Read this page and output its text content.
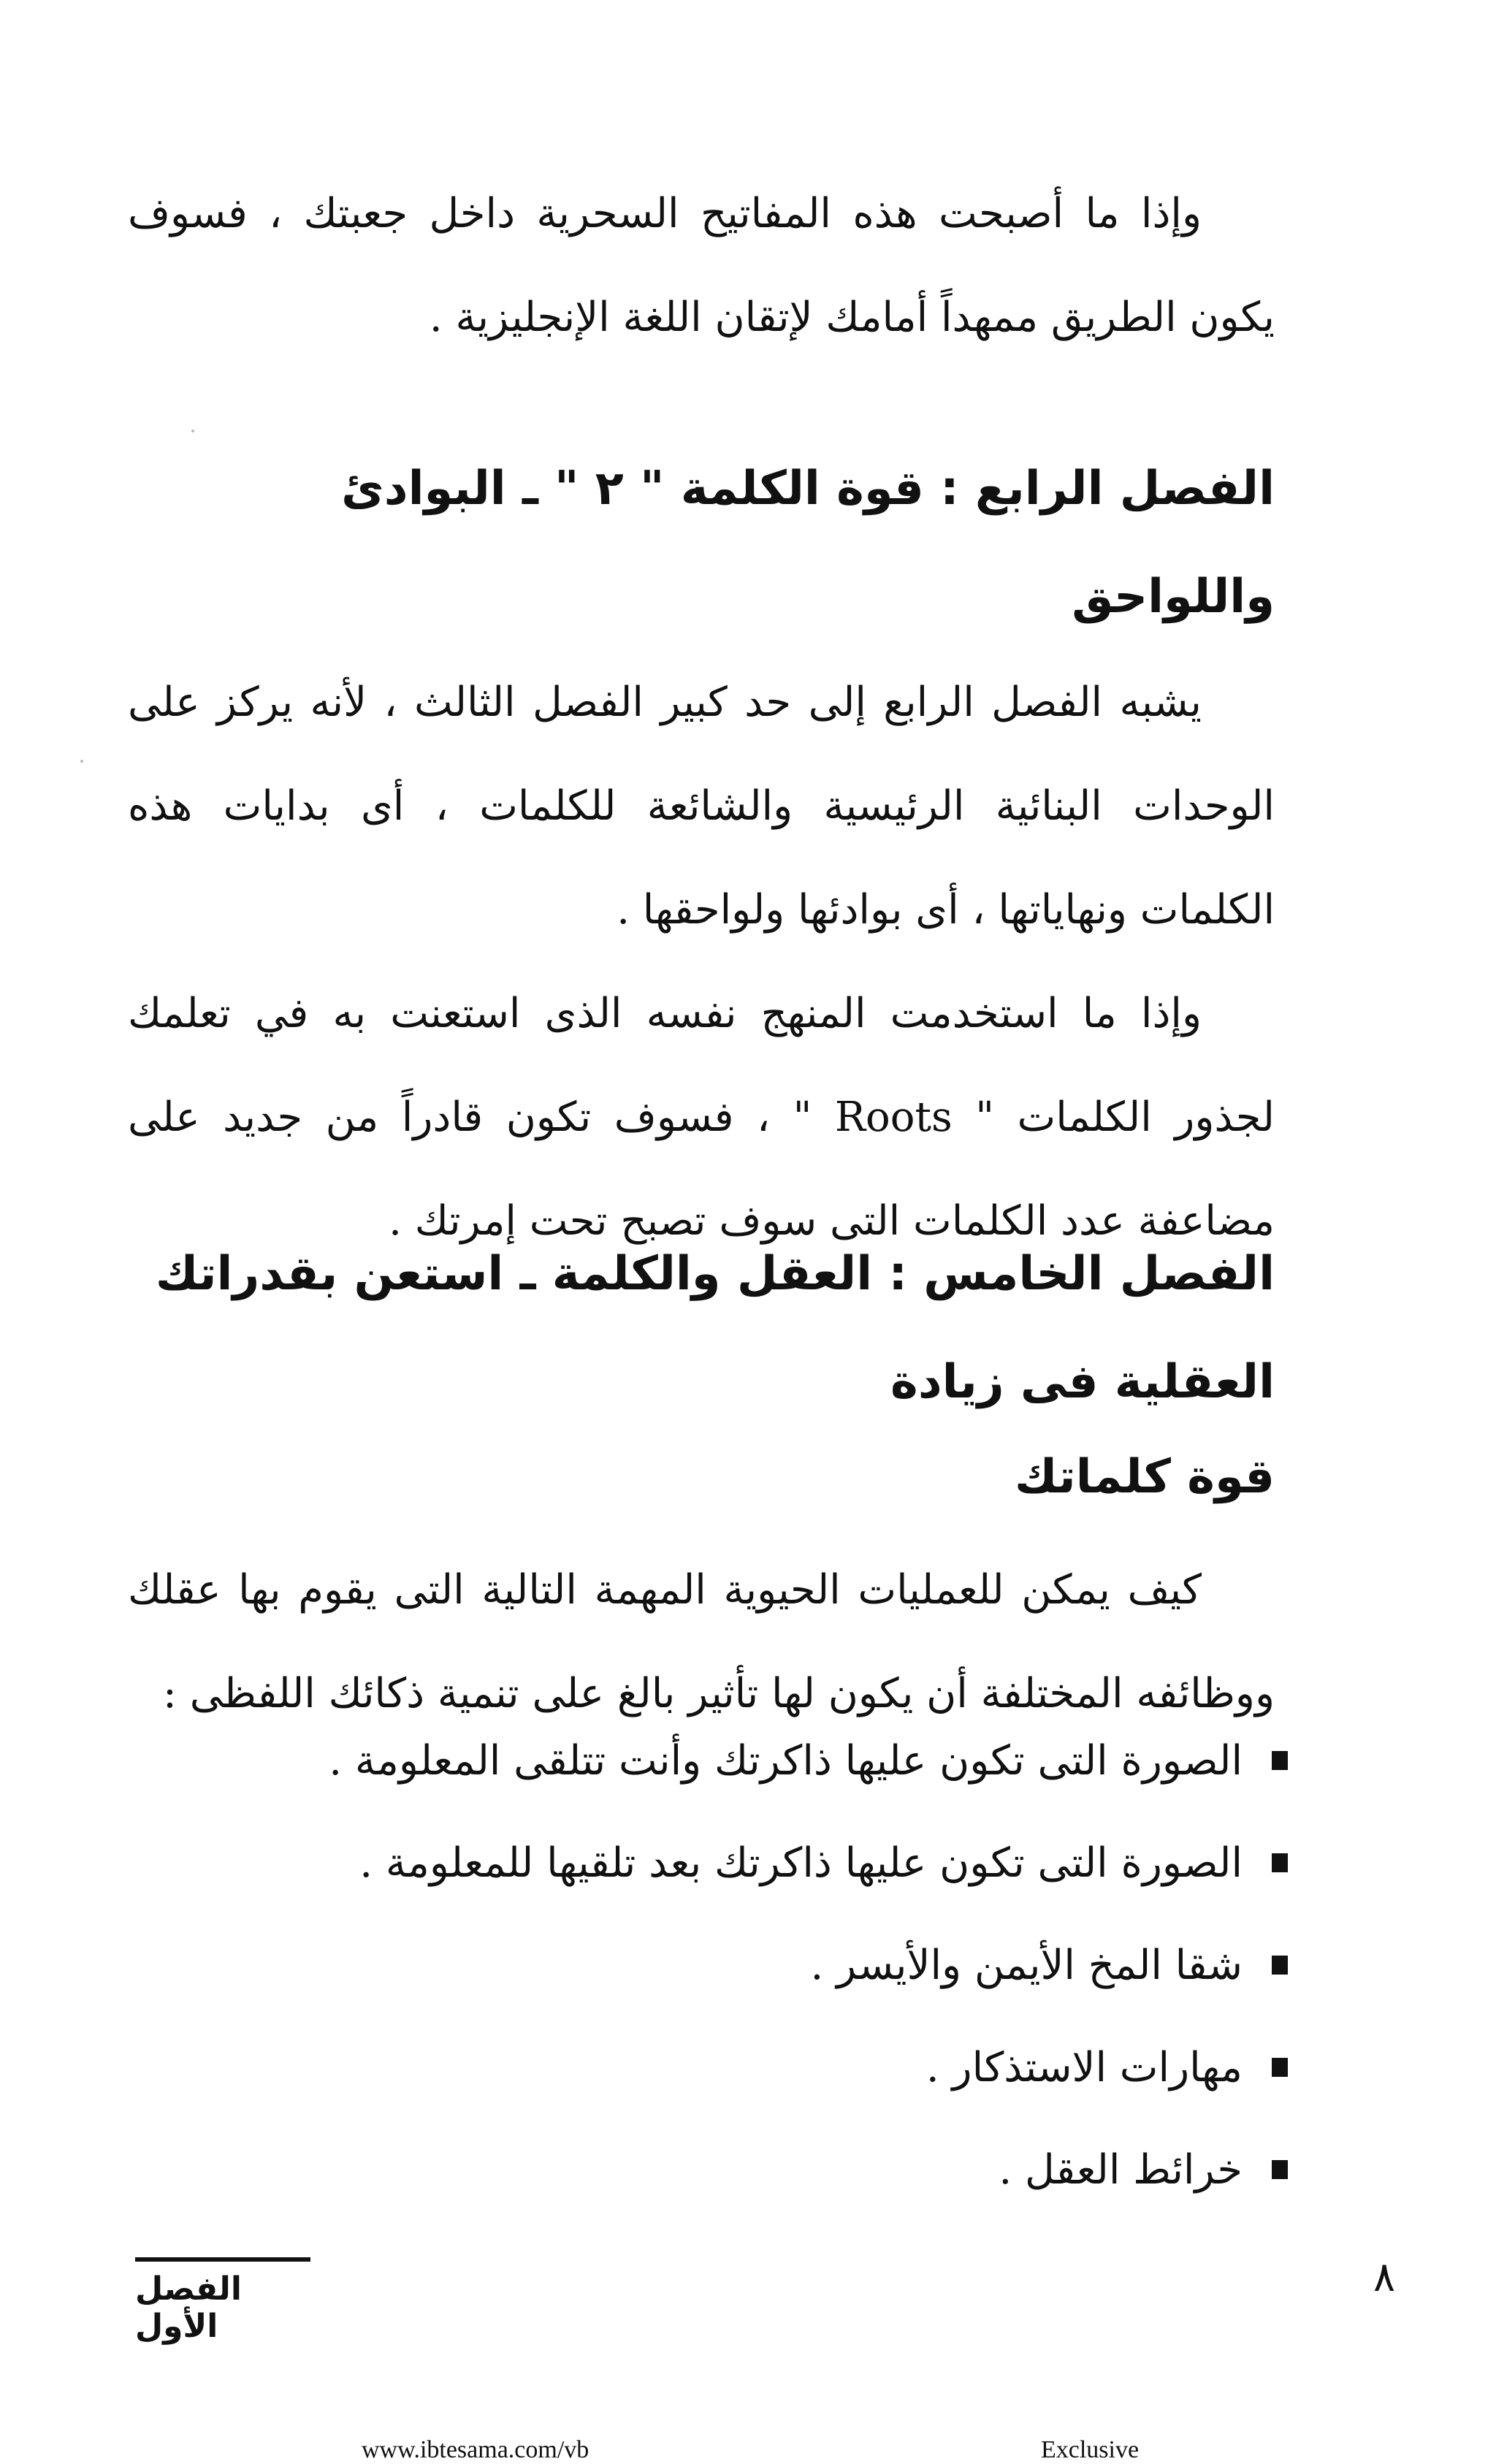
وإذا ما أصبحت هذه المفاتيح السحرية داخل جعبتك ، فسوف يكون الطريق ممهداً أمامك لإتقان اللغة الإنجليزية .

الفصل الرابع : قوة الكلمة " ٢ " ـ البوادئ واللواحق

يشبه الفصل الرابع إلى حد كبير الفصل الثالث ، لأنه يركز على الوحدات البنائية الرئيسية والشائعة للكلمات ، أى بدايات هذه الكلمات ونهاياتها ، أى بوادئها ولواحقها .

وإذا ما استخدمت المنهج نفسه الذى استعنت به في تعلمك لجذور الكلمات " Roots " ، فسوف تكون قادراً من جديد على مضاعفة عدد الكلمات التى سوف تصبح تحت إمرتك .

الفصل الخامس : العقل والكلمة ـ استعن بقدراتك العقلية فى زيادة
قوة كلماتك

كيف يمكن للعمليات الحيوية المهمة التالية التى يقوم بها عقلك ووظائفه المختلفة أن يكون لها تأثير بالغ على تنمية ذكائك اللفظى :

الصورة التى تكون عليها ذاكرتك وأنت تتلقى المعلومة .
الصورة التى تكون عليها ذاكرتك بعد تلقيها للمعلومة .
شقا المخ الأيمن والأيسر .
مهارات الاستذكار .
خرائط العقل .
الفصل الأول
٨
www.ibtesama.com/vb	Exclusive
